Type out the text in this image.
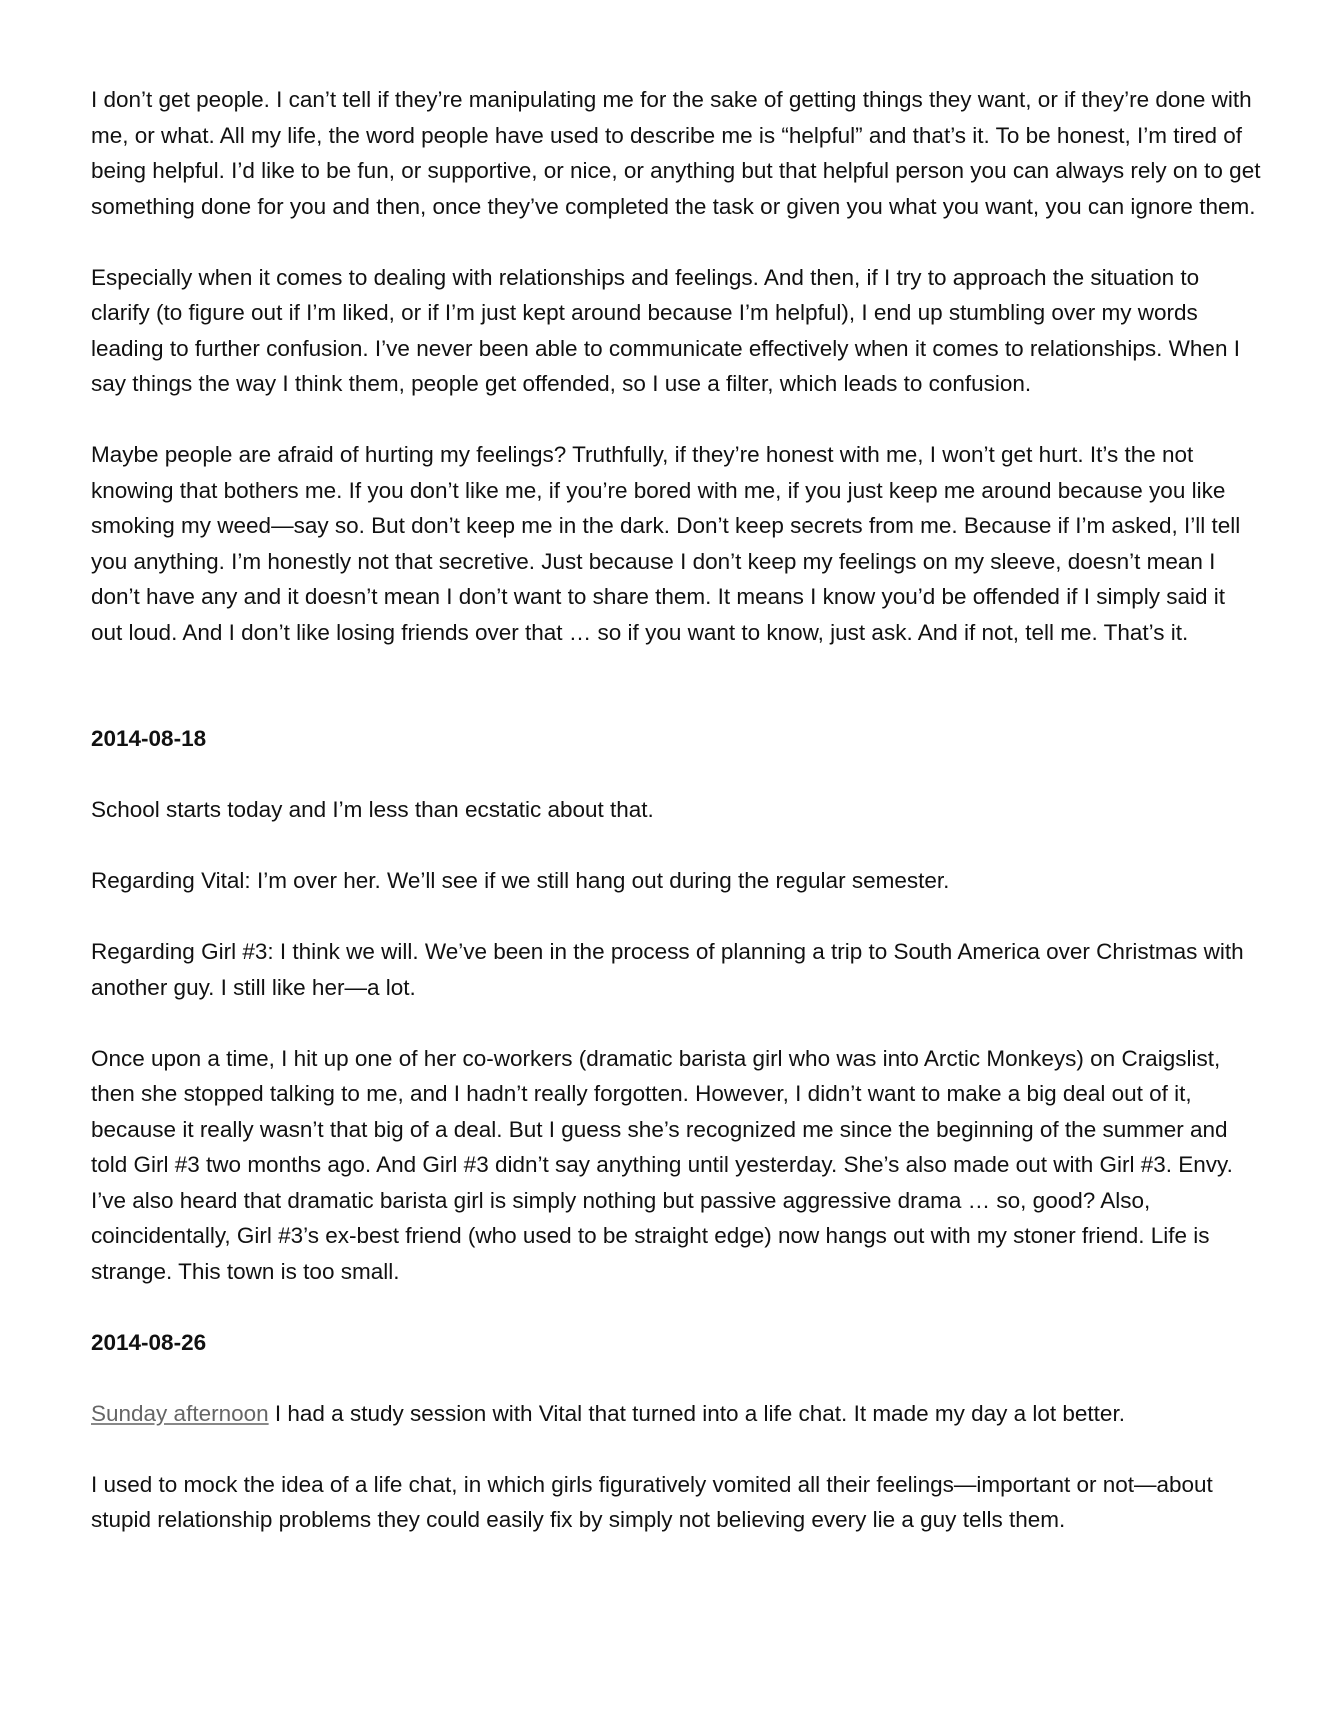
I don’t get people. I can’t tell if they’re manipulating me for the sake of getting things they want, or if they’re done with me, or what. All my life, the word people have used to describe me is “helpful” and that’s it. To be honest, I’m tired of being helpful. I’d like to be fun, or supportive, or nice, or anything but that helpful person you can always rely on to get something done for you and then, once they’ve completed the task or given you what you want, you can ignore them.

Especially when it comes to dealing with relationships and feelings. And then, if I try to approach the situation to clarify (to figure out if I’m liked, or if I’m just kept around because I’m helpful), I end up stumbling over my words leading to further confusion. I’ve never been able to communicate effectively when it comes to relationships. When I say things the way I think them, people get offended, so I use a filter, which leads to confusion.

Maybe people are afraid of hurting my feelings? Truthfully, if they’re honest with me, I won’t get hurt. It’s the not knowing that bothers me. If you don’t like me, if you’re bored with me, if you just keep me around because you like smoking my weed—say so. But don’t keep me in the dark. Don’t keep secrets from me. Because if I’m asked, I’ll tell you anything. I’m honestly not that secretive. Just because I don’t keep my feelings on my sleeve, doesn’t mean I don’t have any and it doesn’t mean I don’t want to share them. It means I know you’d be offended if I simply said it out loud. And I don’t like losing friends over that … so if you want to know, just ask. And if not, tell me. That’s it.

2014-08-18

School starts today and I’m less than ecstatic about that.

Regarding Vital: I’m over her. We’ll see if we still hang out during the regular semester.

Regarding Girl #3: I think we will. We’ve been in the process of planning a trip to South America over Christmas with another guy. I still like her—a lot.

Once upon a time, I hit up one of her co-workers (dramatic barista girl who was into Arctic Monkeys) on Craigslist, then she stopped talking to me, and I hadn’t really forgotten. However, I didn’t want to make a big deal out of it, because it really wasn’t that big of a deal. But I guess she’s recognized me since the beginning of the summer and told Girl #3 two months ago. And Girl #3 didn’t say anything until yesterday. She’s also made out with Girl #3. Envy. I’ve also heard that dramatic barista girl is simply nothing but passive aggressive drama … so, good? Also, coincidentally, Girl #3’s ex-best friend (who used to be straight edge) now hangs out with my stoner friend. Life is strange. This town is too small.

2014-08-26

Sunday afternoon I had a study session with Vital that turned into a life chat. It made my day a lot better.

I used to mock the idea of a life chat, in which girls figuratively vomited all their feelings—important or not—about stupid relationship problems they could easily fix by simply not believing every lie a guy tells them.
